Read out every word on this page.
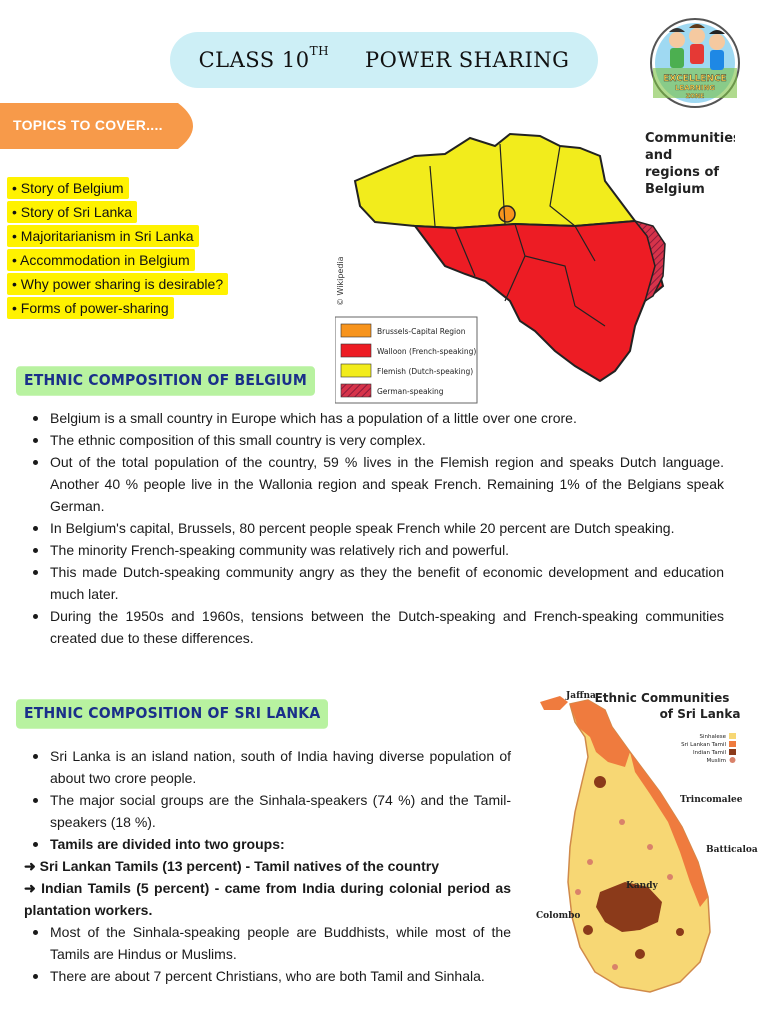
CLASS 10TH POWER SHARING
EXCELLENCE
LEARNING
ZONE
TOPICS TO COVER....
• Story of Belgium
• Story of Sri Lanka
• Majoritarianism in Sri Lanka
• Accommodation in Belgium
• Why power sharing is desirable?
• Forms of power-sharing
© Wikipedia
Communities and regions of Belgium
Brussels-Capital Region
Walloon (French-speaking)
Flemish (Dutch-speaking)
German-speaking
ETHNIC COMPOSITION OF BELGIUM
Belgium is a small country in Europe which has a population of a little over one crore.
The ethnic composition of this small country is very complex.
Out of the total population of the country, 59 % lives in the Flemish region and speaks Dutch language. Another 40 % people live in the Wallonia region and speak French. Remaining 1% of the Belgians speak German.
In Belgium's capital, Brussels, 80 percent people speak French while 20 percent are Dutch speaking.
The minority French-speaking community was relatively rich and powerful.
This made Dutch-speaking community angry as they the benefit of economic development and education much later.
During the 1950s and 1960s, tensions between the Dutch-speaking and French-speaking communities created due to these differences.
ETHNIC COMPOSITION OF SRI LANKA
Sri Lanka is an island nation, south of India having diverse population of about two crore people.
The major social groups are the Sinhala-speakers (74 %) and the Tamil-speakers (18 %).
Tamils are divided into two groups:
➜ Sri Lankan Tamils (13 percent) - Tamil natives of the country
➜ Indian Tamils (5 percent) - came from India during colonial period as plantation workers.
Most of the Sinhala-speaking people are Buddhists, while most of the Tamils are Hindus or Muslims.
There are about 7 percent Christians, who are both Tamil and Sinhala.
Ethnic Communities
of Sri Lanka
Sinhalese
Sri Lankan Tamil
Indian Tamil
Muslim
Jaffna
Trincomalee
Batticaloa
Kandy
Colombo
